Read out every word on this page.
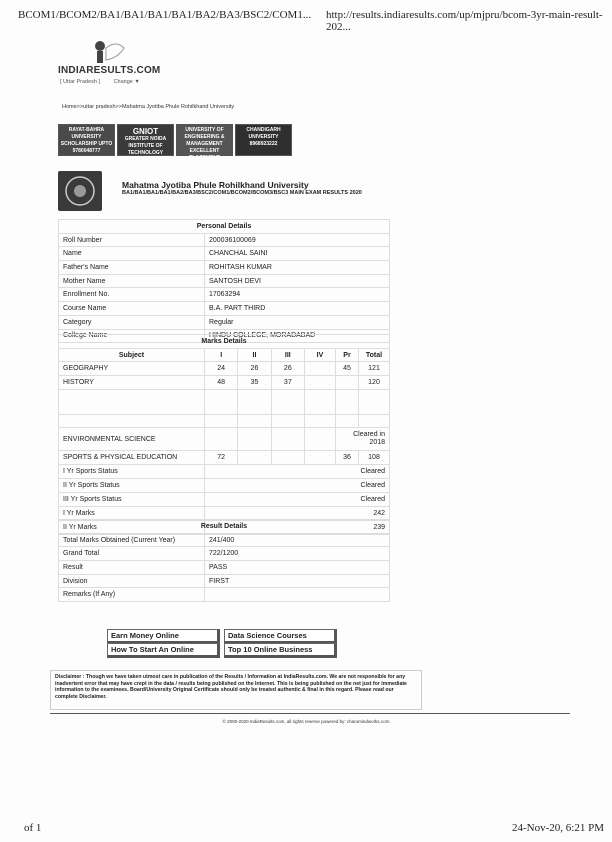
BCOM1/BCOM2/BA1/BA1/BA1/BA1/BA2/BA3/BSC2/COM1... http://results.indiaresults.com/up/mjpru/bcom-3yr-main-result-202...
INDIARESULTS.COM
[ Uttar Pradesh ] Change ▼
Home>>uttar pradesh>>Mahatma Jyotiba Phule Rohilkhand University
RAYAT-BAHRA
UNIVERSITY
SCHOLARSHIP UPTO
9780048777
GNIOT
GREATER NOIDA
INSTITUTE OF TECHNOLOGY
9810291019
UNIVERSITY OF
ENGINEERING &
MANAGEMENT
EXCELLENT PLACEMENT
CHANDIGARH
UNIVERSITY
8968923222
Mahatma Jyotiba Phule Rohilkhand University
BA1/BA1/BA1/BA1/BA2/BA3/BSC2/COM1/BCOM2/BCOM3/BSC3 MAIN EXAM RESULTS 2020
Personal Details	
Roll Number	200036100069
Name	CHANCHAL SAINI
Father's Name	ROHITASH KUMAR
Mother Name	SANTOSH DEVI
Enrollment No.	17063294
Course Name	B.A. PART THIRD
Category	Regular
College Name	HINDU COLLEGE, MORADABAD
Marks Details						
Subject	I	II	III	IV	Pr	Total
GEOGRAPHY	24	26	26		45	121
HISTORY	48	35	37			120

ENVIRONMENTAL SCIENCE					Cleared in 2018	
SPORTS & PHYSICAL EDUCATION	72				36	108
I Yr Sports Status	Cleared					
II Yr Sports Status	Cleared					
III Yr Sports Status	Cleared					
I Yr Marks	242					
II Yr Marks	239					
Result Details	
Total Marks Obtained (Current Year)	241/400
Grand Total	722/1200
Result	PASS
Division	FIRST
Remarks (If Any)	
Earn Money Online	Data Science Courses
How To Start An Online	Top 10 Online Business
Disclaimer : Though we have taken utmost care in publication of the Results / Information at IndiaResults.com. We are not responsible for any inadvertent error that may have crept in the data / results being published on the Internet. This is being published on the net just for immediate information to the examinees. Board/University Original Certificate should only be treated authentic & final in this regard. Please read our complete Disclaimer.
© 2000-2020 IndiaResults.com, all rights reserve powered by: charumindworks.com
of 1	24-Nov-20, 6:21 PM
